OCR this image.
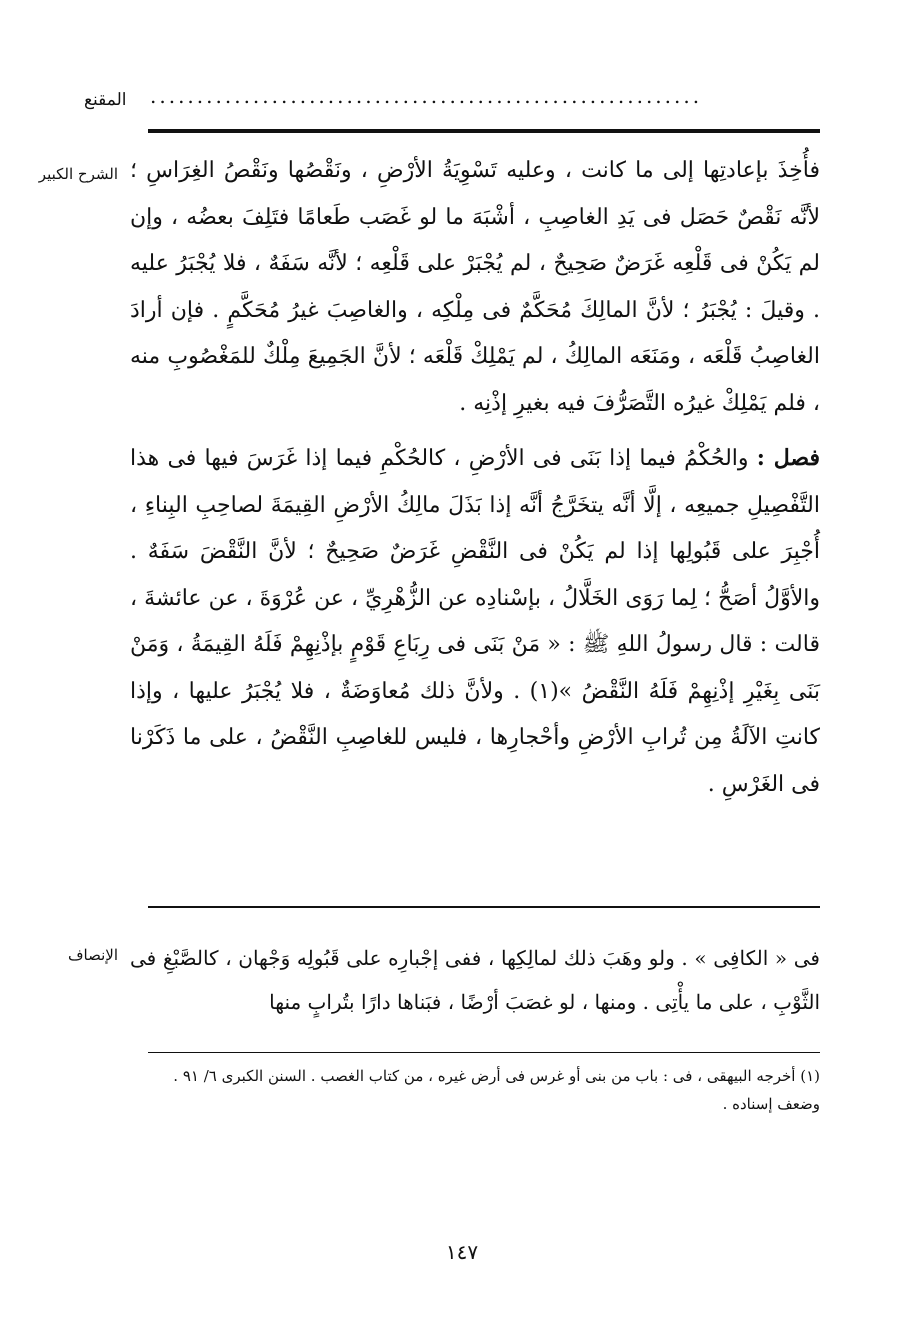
المقنع ...........................................................
الشرح الكبير فأُخِذَ بإعادتِها إلى ما كانت ، وعليه تَسْوِيَةُ الأرْضِ ، ونَقْصُها ونَقْصُ الغِرَاسِ ؛ لأنَّه نَقْصٌ حَصَل فى يَدِ الغاصِبِ ، أشْبَهَ ما لو غَصَب طَعامًا فتَلِفَ بعضُه ، وإن لم يَكُنْ فى قَلْعِه غَرَضٌ صَحِيحٌ ، لم يُجْبَرْ على قَلْعِه ؛ لأنَّه سَفَهٌ ، فلا يُجْبَرُ عليه . وقيلَ : يُجْبَرُ ؛ لأنَّ المالِكَ مُحَكَّمٌ فى مِلْكِه ، والغاصِبَ غيرُ مُحَكَّمٍ . فإن أرادَ الغاصِبُ قَلْعَه ، ومَنَعَه المالِكُ ، لم يَمْلِكْ قَلْعَه ؛ لأنَّ الجَمِيعَ مِلْكٌ للمَغْصُوبِ منه ، فلم يَمْلِكْ غيرُه التَّصَرُّفَ فيه بغيرِ إذْنِه .

فصل : والحُكْمُ فيما إذا بَنَى فى الأرْضِ ، كالحُكْمِ فيما إذا غَرَسَ فيها فى هذا التَّفْصِيلِ جميعِه ، إلَّا أنَّه يتخَرَّجُ أنَّه إذا بَذَلَ مالِكُ الأرْضِ القِيمَةَ لصاحِبِ البِناءِ ، أُجْبِرَ على قَبُولِها إذا لم يَكُنْ فى النَّقْضِ غَرَضٌ صَحِيحٌ ؛ لأنَّ النَّقْضَ سَفَهٌ . والأوَّلُ أصَحُّ ؛ لِما رَوَى الخَلَّالُ ، بإسْنادِه عن الزُّهْرِيِّ ، عن عُرْوَةَ ، عن عائشةَ ، قالت : قال رسولُ اللهِ ﷺ : « مَنْ بَنَى فى رِبَاعِ قَوْمٍ بإذْنِهِمْ فَلَهُ القِيمَةُ ، وَمَنْ بَنَى بِغَيْرِ إذْنِهِمْ فَلَهُ النَّقْضُ »(١) . ولأنَّ ذلك مُعاوَضَةٌ ، فلا يُجْبَرُ عليها ، وإذا كانتِ الآلَةُ مِن تُرابِ الأرْضِ وأحْجارِها ، فليس للغاصِبِ النَّقْضُ ، على ما ذَكَرْنا فى الغَرْسِ .

الإنصاف فى « الكافِى » . ولو وهَبَ ذلك لمالِكِها ، ففى إجْبارِه على قَبُولِه وَجْهان ، كالصَّبْغِ فى الثَّوْبِ ، على ما يأْتِى . ومنها ، لو غصَبَ أرْضًا ، فبَناها دارًا بتُرابٍ منها
(١) أخرجه البيهقى ، فى : باب من بنى أو غرس فى أرض غيره ، من كتاب الغصب . السنن الكبرى ٦/ ٩١ . وضعف إسناده .
١٤٧
